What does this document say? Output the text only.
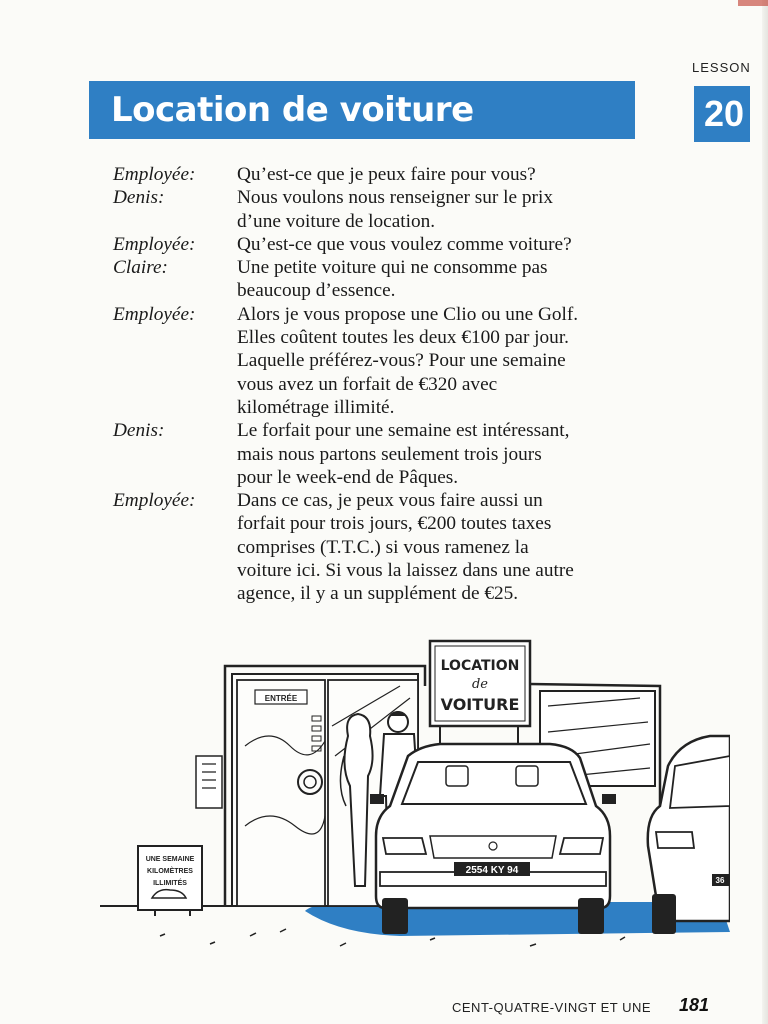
LESSON
20
Location de voiture
Employée:	Qu’est-ce que je peux faire pour vous?
Denis:	Nous voulons nous renseigner sur le prix
d’une voiture de location.
Employée:	Qu’est-ce que vous voulez comme voiture?
Claire:	Une petite voiture qui ne consomme pas
beaucoup d’essence.
Employée:	Alors je vous propose une Clio ou une Golf.
Elles coûtent toutes les deux €100 par jour.
Laquelle préférez-vous? Pour une semaine
vous avez un forfait de €320 avec
kilométrage illimité.
Denis:	Le forfait pour une semaine est intéressant,
mais nous partons seulement trois jours
pour le week-end de Pâques.
Employée:	Dans ce cas, je peux vous faire aussi un
forfait pour trois jours, €200 toutes taxes
comprises (T.T.C.) si vous ramenez la
voiture ici. Si vous la laissez dans une autre
agence, il y a un supplément de €25.
ENTRÉE
LOCATION
de
VOITURE
UNE SEMAINE
KILOMÈTRES
ILLIMITÉS
2554 KY 94
36
CENT-QUATRE-VINGT ET UNE 181
